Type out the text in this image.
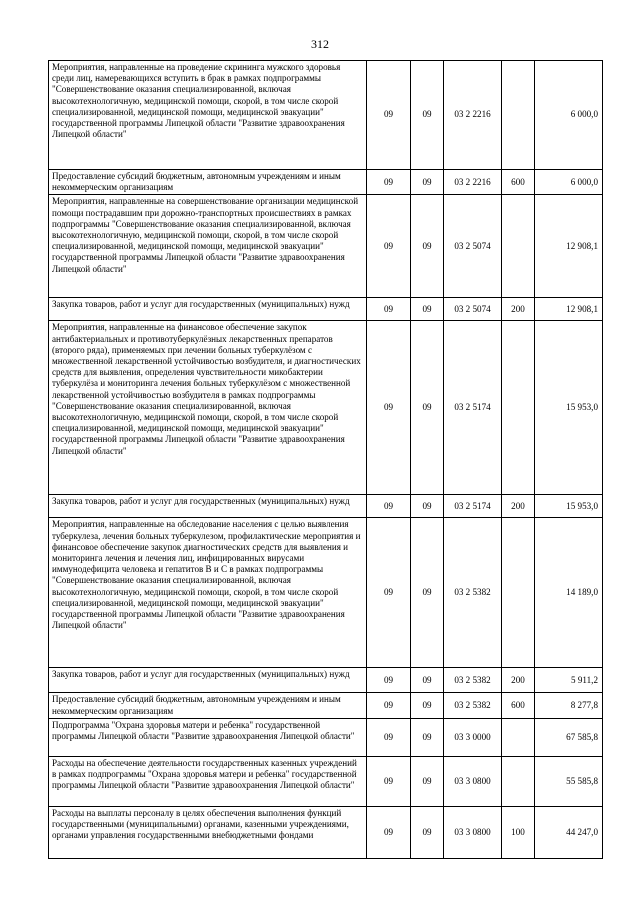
312
Мероприятия, направленные на проведение скрининга мужского здоровья среди лиц, намеревающихся вступить в брак в рамках подпрограммы "Совершенствование оказания специализированной, включая высокотехнологичную, медицинской помощи, скорой, в том числе скорой специализированной, медицинской помощи, медицинской эвакуации" государственной программы Липецкой области "Развитие здравоохранения Липецкой области"	09	09	03 2 2216		6 000,0
Предоставление субсидий бюджетным, автономным учреждениям и иным некоммерческим организациям	09	09	03 2 2216	600	6 000,0
Мероприятия, направленные на совершенствование организации медицинской помощи пострадавшим при дорожно-транспортных происшествиях в рамках подпрограммы "Совершенствование оказания специализированной, включая высокотехнологичную, медицинской помощи, скорой, в том числе скорой специализированной, медицинской помощи, медицинской эвакуации" государственной программы Липецкой области "Развитие здравоохранения Липецкой области"	09	09	03 2 5074		12 908,1
Закупка товаров, работ и услуг для государственных (муниципальных) нужд	09	09	03 2 5074	200	12 908,1
Мероприятия, направленные на финансовое обеспечение закупок антибактериальных и противотуберкулёзных лекарственных препаратов (второго ряда), применяемых при лечении больных туберкулёзом с множественной лекарственной устойчивостью возбудителя, и диагностических средств для выявления, определения чувствительности микобактерии туберкулёза и мониторинга лечения больных туберкулёзом с множественной лекарственной устойчивостью возбудителя в рамках подпрограммы "Совершенствование оказания специализированной, включая высокотехнологичную, медицинской помощи, скорой, в том числе скорой специализированной, медицинской помощи, медицинской эвакуации" государственной программы Липецкой области "Развитие здравоохранения Липецкой области"	09	09	03 2 5174		15 953,0
Закупка товаров, работ и услуг для государственных (муниципальных) нужд	09	09	03 2 5174	200	15 953,0
Мероприятия, направленные на обследование населения с целью выявления туберкулеза, лечения больных туберкулезом, профилактические мероприятия и финансовое обеспечение закупок диагностических средств для выявления и мониторинга лечения и лечения лиц, инфицированных вирусами иммунодефицита человека и гепатитов В и С в рамках подпрограммы "Совершенствование оказания специализированной, включая высокотехнологичную, медицинской помощи, скорой, в том числе скорой специализированной, медицинской помощи, медицинской эвакуации" государственной программы Липецкой области "Развитие здравоохранения Липецкой области"	09	09	03 2 5382		14 189,0
Закупка товаров, работ и услуг для государственных (муниципальных) нужд	09	09	03 2 5382	200	5 911,2
Предоставление субсидий бюджетным, автономным учреждениям и иным некоммерческим организациям	09	09	03 2 5382	600	8 277,8
Подпрограмма "Охрана здоровья матери и ребенка" государственной программы Липецкой области "Развитие здравоохранения Липецкой области"	09	09	03 3 0000		67 585,8
Расходы на обеспечение деятельности государственных казенных учреждений в рамках подпрограммы "Охрана здоровья матери и ребенка" государственной программы Липецкой области "Развитие здравоохранения Липецкой области"	09	09	03 3 0800		55 585,8
Расходы на выплаты персоналу в целях обеспечения выполнения функций государственными (муниципальными) органами, казенными учреждениями, органами управления государственными внебюджетными фондами	09	09	03 3 0800	100	44 247,0
